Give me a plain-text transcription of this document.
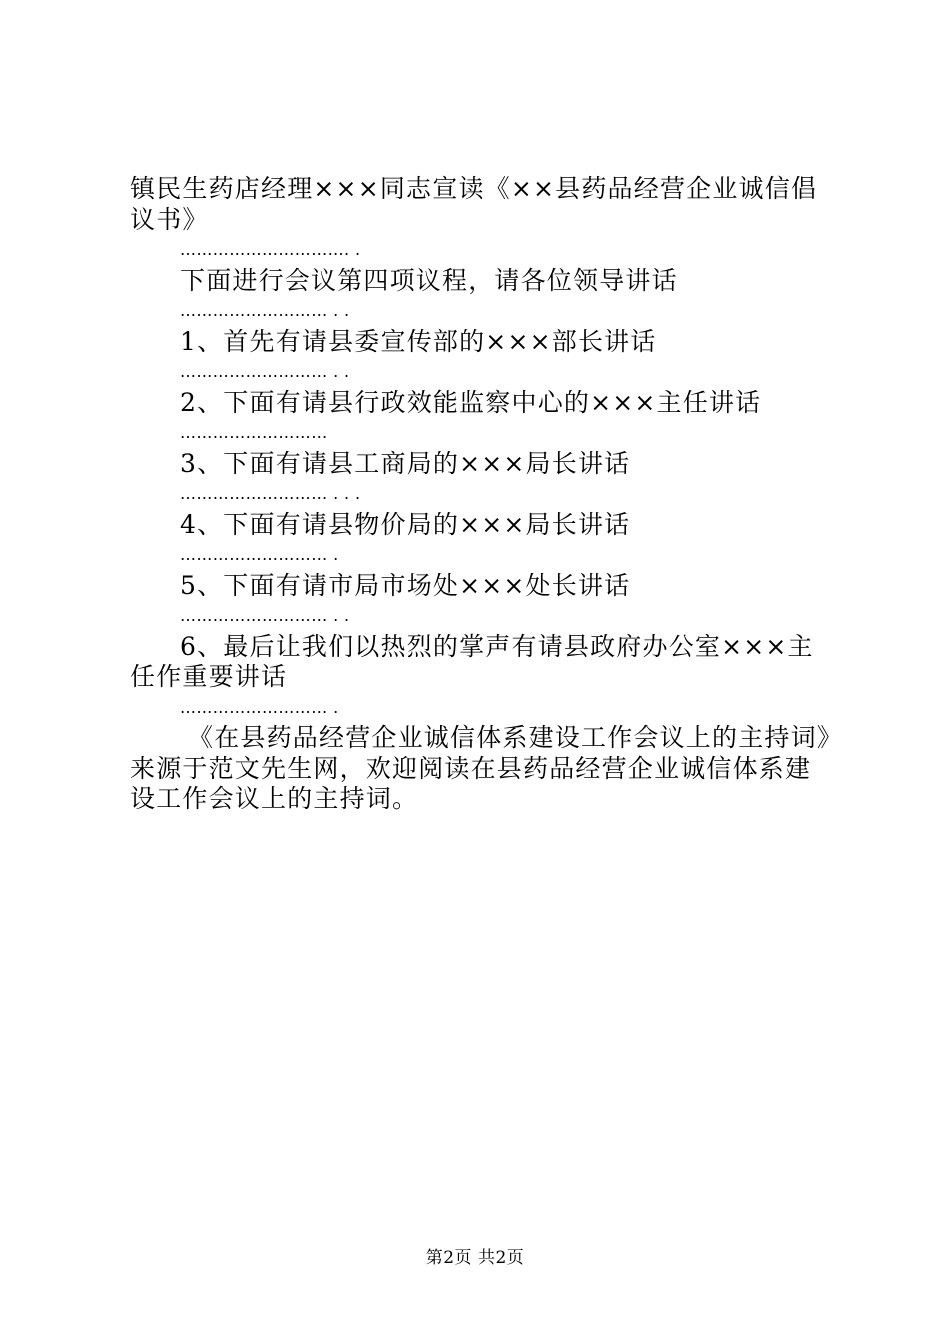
镇民生药店经理×××同志宣读《××县药品经营企业诚信倡议书》
…………………………. .
下面进行会议第四项议程，请各位领导讲话
……………………… . .
1、首先有请县委宣传部的×××部长讲话
……………………… . .
2、下面有请县行政效能监察中心的×××主任讲话
………………………
3、下面有请县工商局的×××局长讲话
……………………… . . .
4、下面有请县物价局的×××局长讲话
……………………… .
5、下面有请市局市场处×××处长讲话
……………………… . .
6、最后让我们以热烈的掌声有请县政府办公室×××主任作重要讲话
……………………… .
《在县药品经营企业诚信体系建设工作会议上的主持词》来源于范文先生网，欢迎阅读在县药品经营企业诚信体系建设工作会议上的主持词。
第2页 共2页
